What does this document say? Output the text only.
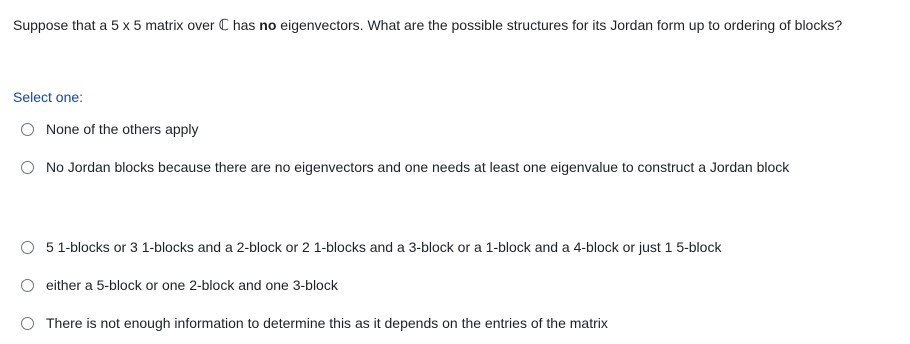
Suppose that a 5 x 5 matrix over ℂ has no eigenvectors. What are the possible structures for its Jordan form up to ordering of blocks?
Select one:
None of the others apply
No Jordan blocks because there are no eigenvectors and one needs at least one eigenvalue to construct a Jordan block
5 1-blocks or 3 1-blocks and a 2-block or 2 1-blocks and a 3-block or a 1-block and a 4-block or just 1 5-block
either a 5-block or one 2-block and one 3-block
There is not enough information to determine this as it depends on the entries of the matrix
